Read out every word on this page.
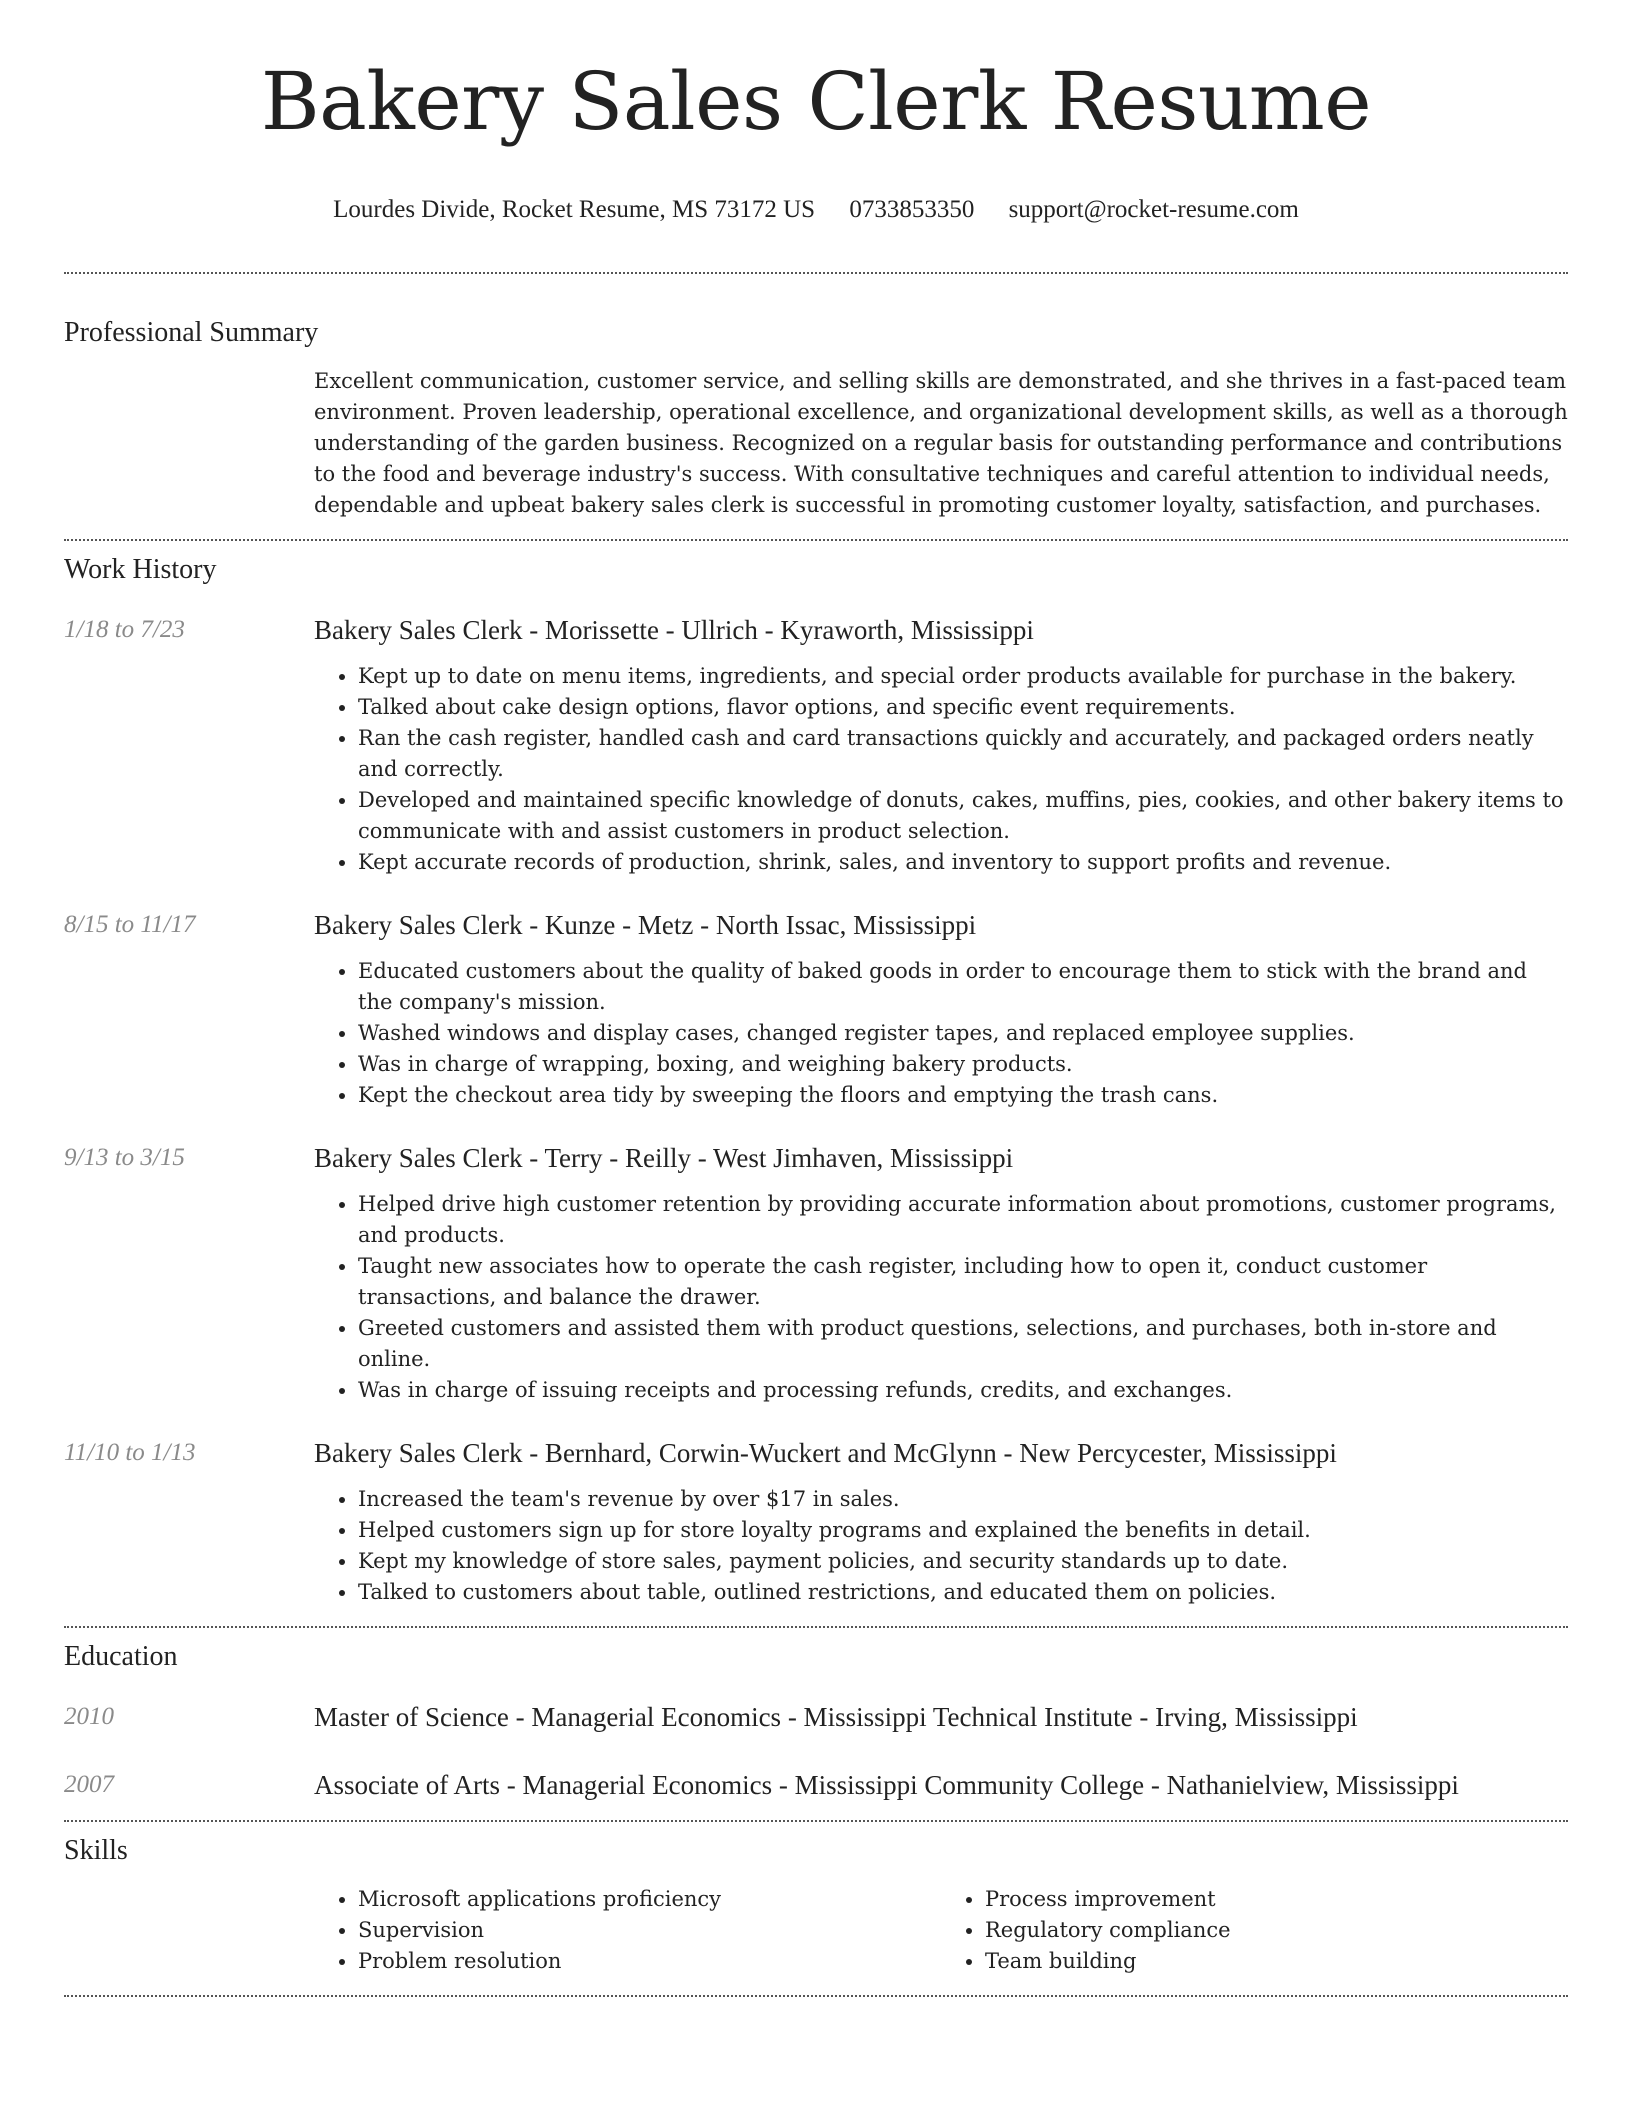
Bakery Sales Clerk Resume
Lourdes Divide, Rocket Resume, MS 73172 US 0733853350 support@rocket-resume.com
Professional Summary
Excellent communication, customer service, and selling skills are demonstrated, and she thrives in a fast-paced team environment. Proven leadership, operational excellence, and organizational development skills, as well as a thorough understanding of the garden business. Recognized on a regular basis for outstanding performance and contributions to the food and beverage industry's success. With consultative techniques and careful attention to individual needs, dependable and upbeat bakery sales clerk is successful in promoting customer loyalty, satisfaction, and purchases.
Work History
1/18 to 7/23	Bakery Sales Clerk - Morissette - Ullrich - Kyraworth, Mississippi
• Kept up to date on menu items, ingredients, and special order products available for purchase in the bakery.
• Talked about cake design options, flavor options, and specific event requirements.
• Ran the cash register, handled cash and card transactions quickly and accurately, and packaged orders neatly and correctly.
• Developed and maintained specific knowledge of donuts, cakes, muffins, pies, cookies, and other bakery items to communicate with and assist customers in product selection.
• Kept accurate records of production, shrink, sales, and inventory to support profits and revenue.
8/15 to 11/17	Bakery Sales Clerk - Kunze - Metz - North Issac, Mississippi
• Educated customers about the quality of baked goods in order to encourage them to stick with the brand and the company's mission.
• Washed windows and display cases, changed register tapes, and replaced employee supplies.
• Was in charge of wrapping, boxing, and weighing bakery products.
• Kept the checkout area tidy by sweeping the floors and emptying the trash cans.
9/13 to 3/15	Bakery Sales Clerk - Terry - Reilly - West Jimhaven, Mississippi
• Helped drive high customer retention by providing accurate information about promotions, customer programs, and products.
• Taught new associates how to operate the cash register, including how to open it, conduct customer transactions, and balance the drawer.
• Greeted customers and assisted them with product questions, selections, and purchases, both in-store and online.
• Was in charge of issuing receipts and processing refunds, credits, and exchanges.
11/10 to 1/13	Bakery Sales Clerk - Bernhard, Corwin-Wuckert and McGlynn - New Percycester, Mississippi
• Increased the team's revenue by over $17 in sales.
• Helped customers sign up for store loyalty programs and explained the benefits in detail.
• Kept my knowledge of store sales, payment policies, and security standards up to date.
• Talked to customers about table, outlined restrictions, and educated them on policies.
Education
2010	Master of Science - Managerial Economics - Mississippi Technical Institute - Irving, Mississippi
2007	Associate of Arts - Managerial Economics - Mississippi Community College - Nathanielview, Mississippi
Skills
• Microsoft applications proficiency
• Supervision
• Problem resolution
• Process improvement
• Regulatory compliance
• Team building
